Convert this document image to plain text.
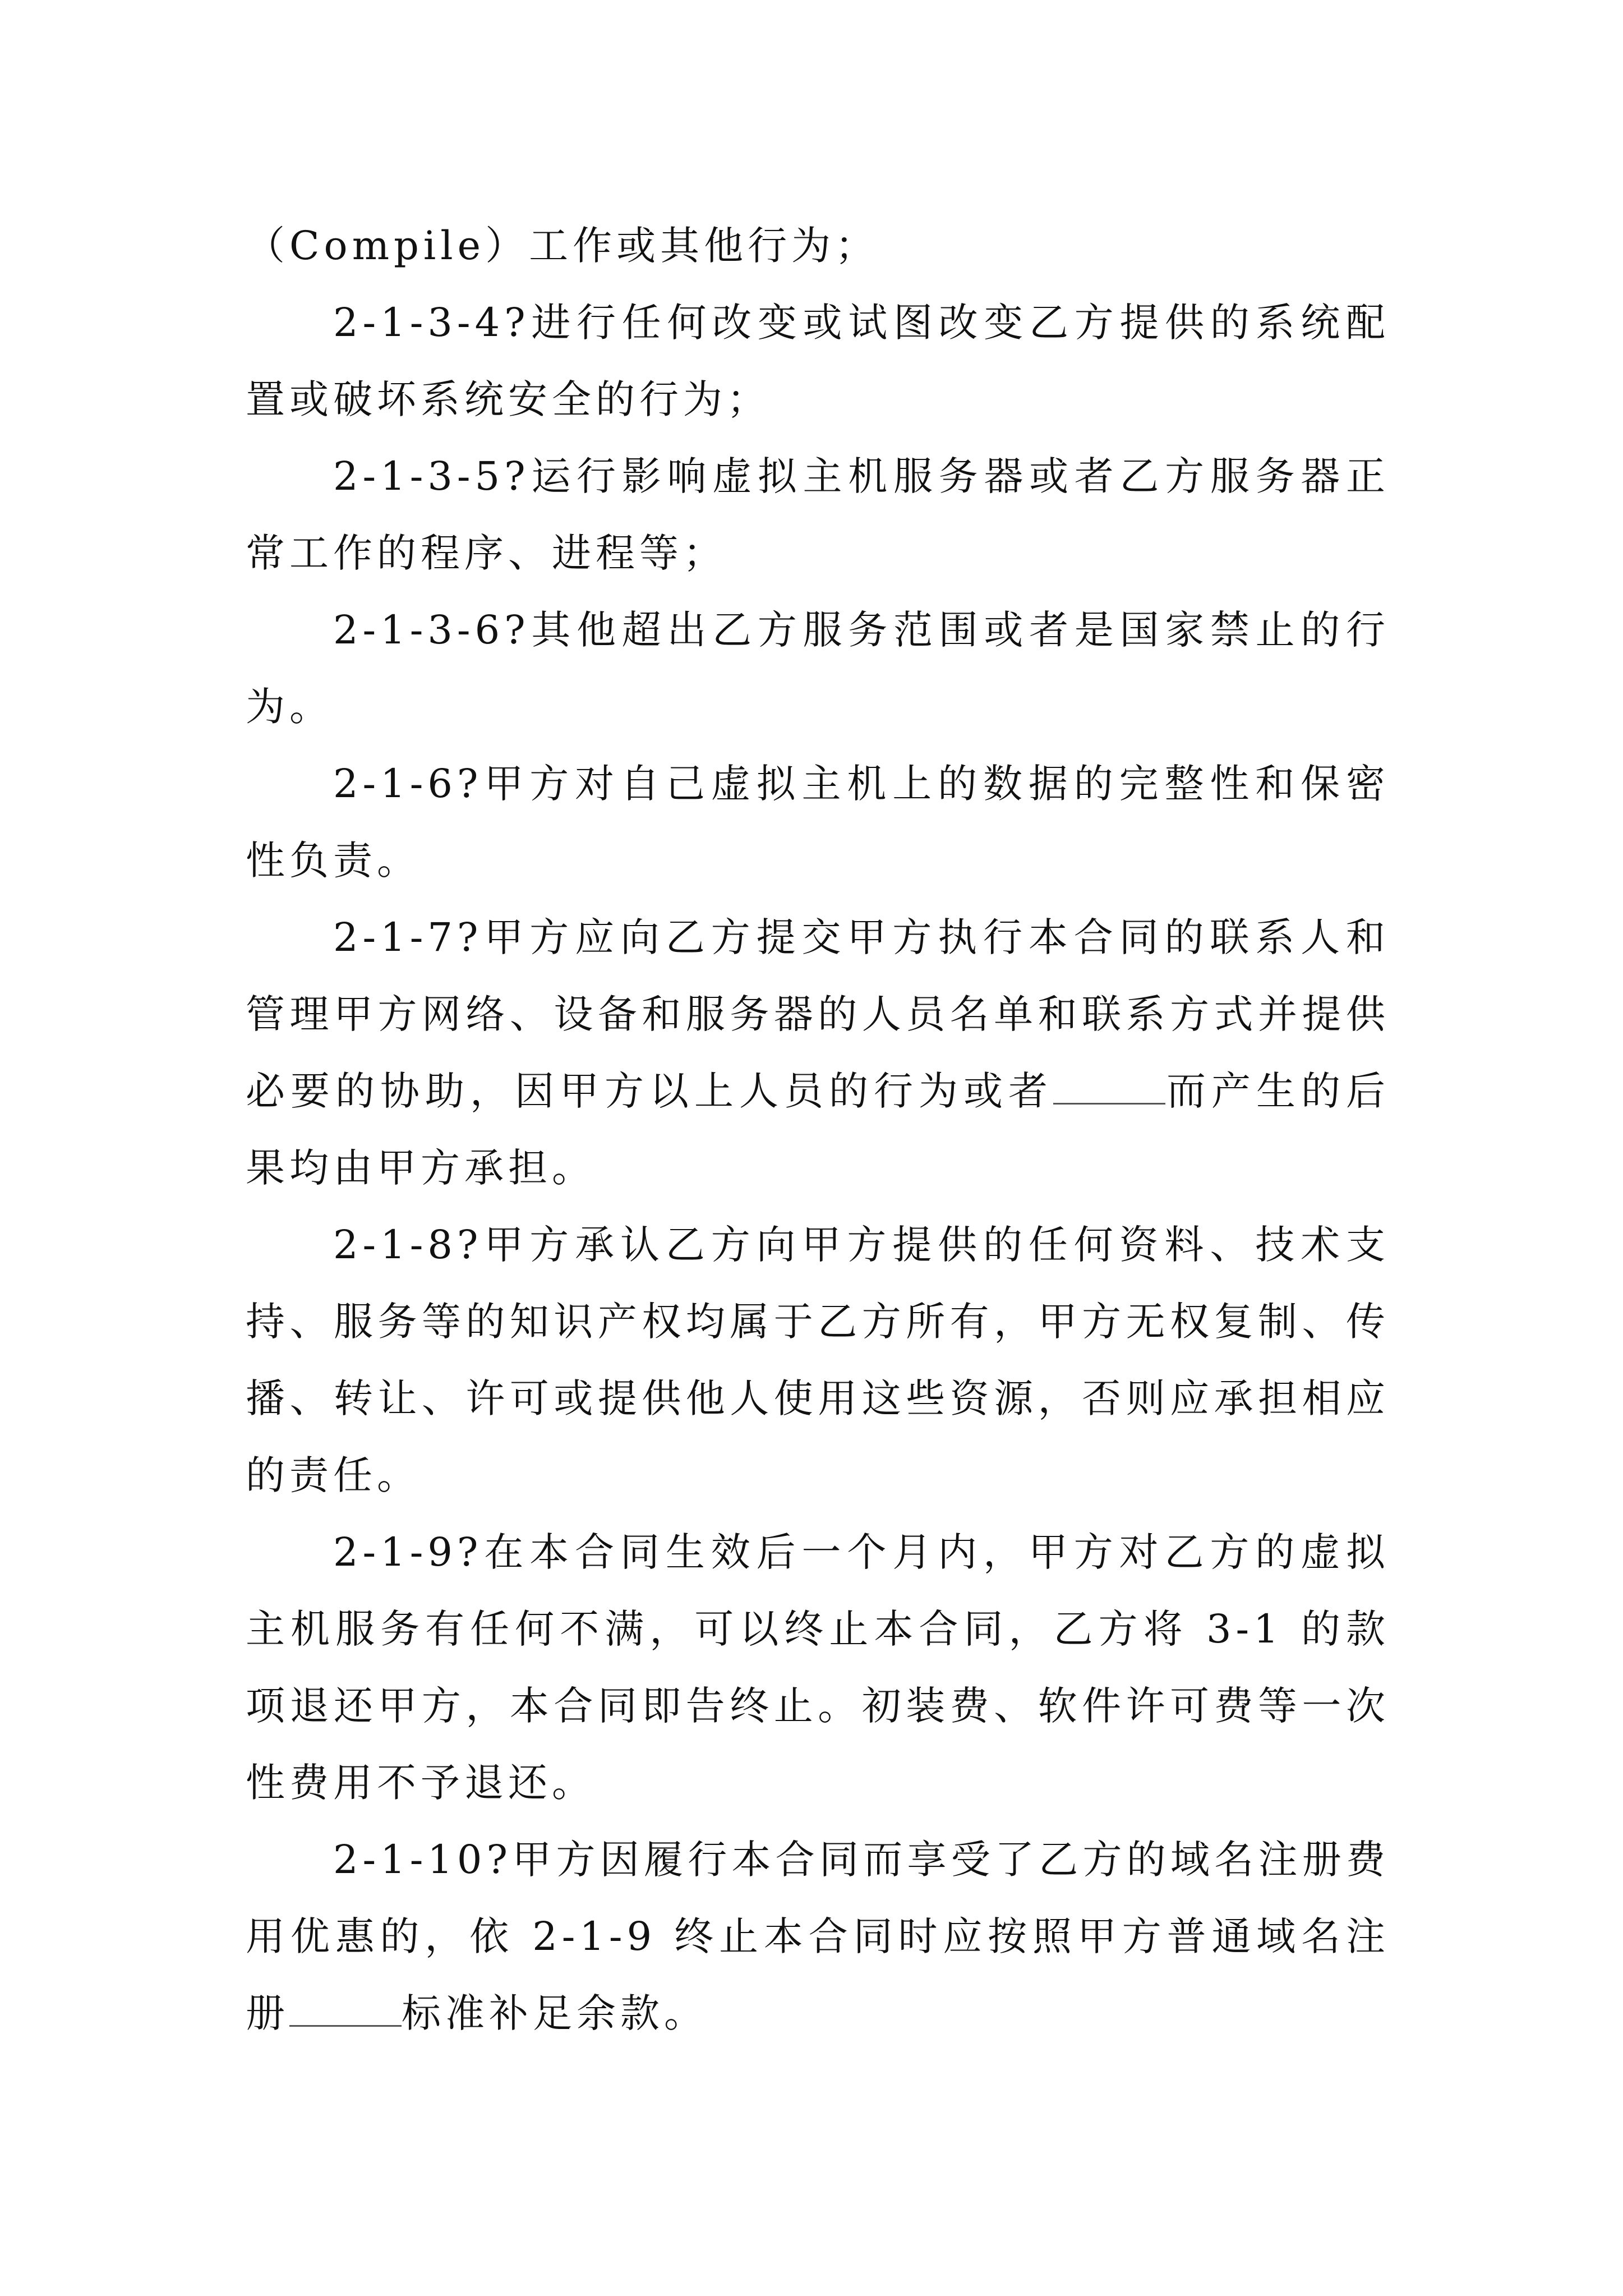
（Compile）工作或其他行为；

2-1-3-4?进行任何改变或试图改变乙方提供的系统配置或破坏系统安全的行为；

2-1-3-5?运行影响虚拟主机服务器或者乙方服务器正常工作的程序、进程等；

2-1-3-6?其他超出乙方服务范围或者是国家禁止的行为。

2-1-6?甲方对自己虚拟主机上的数据的完整性和保密性负责。

2-1-7?甲方应向乙方提交甲方执行本合同的联系人和管理甲方网络、设备和服务器的人员名单和联系方式并提供必要的协助，因甲方以上人员的行为或者	而产生的后果均由甲方承担。

2-1-8?甲方承认乙方向甲方提供的任何资料、技术支持、服务等的知识产权均属于乙方所有，甲方无权复制、传播、转让、许可或提供他人使用这些资源，否则应承担相应的责任。

2-1-9?在本合同生效后一个月内，甲方对乙方的虚拟主机服务有任何不满，可以终止本合同，乙方将 3-1 的款项退还甲方，本合同即告终止。初装费、软件许可费等一次性费用不予退还。

2-1-10?甲方因履行本合同而享受了乙方的域名注册费用优惠的，依 2-1-9 终止本合同时应按照甲方普通域名注册	标准补足余款。
